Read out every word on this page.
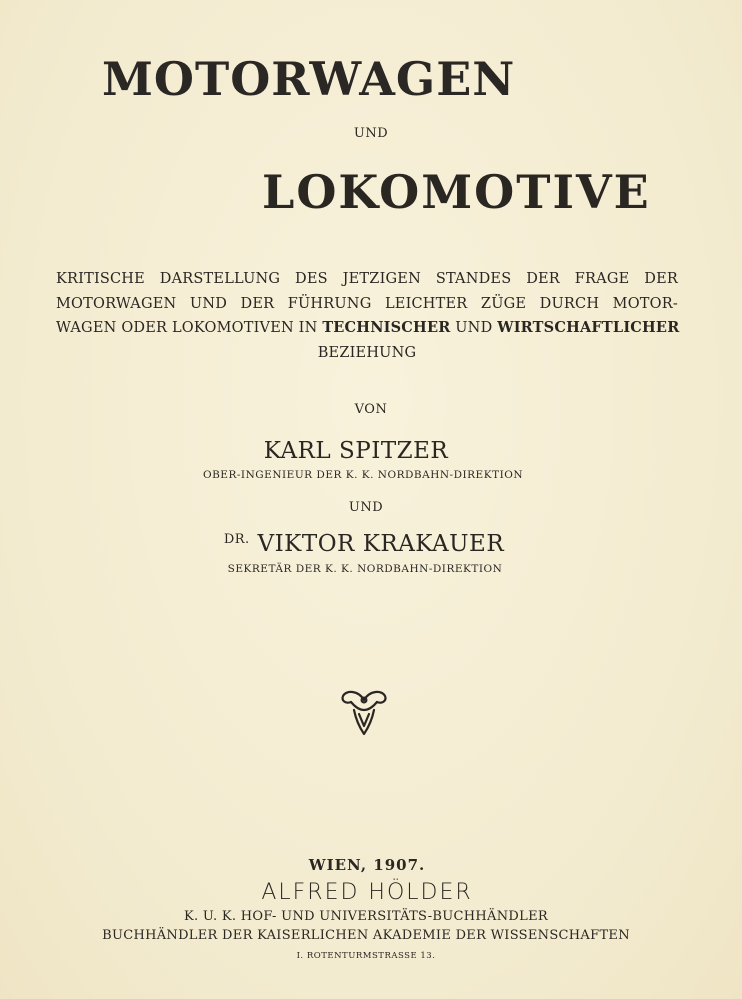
MOTORWAGEN
UND
LOKOMOTIVE
KRITISCHE DARSTELLUNG DES JETZIGEN STANDES DER FRAGE DER
MOTORWAGEN UND DER FÜHRUNG LEICHTER ZÜGE DURCH MOTOR-
WAGEN ODER LOKOMOTIVEN IN TECHNISCHER UND WIRTSCHAFTLICHER
BEZIEHUNG
VON
KARL SPITZER
OBER-INGENIEUR DER K. K. NORDBAHN-DIREKTION
UND
$^{DR.}$ VIKTOR KRAKAUER
SEKRETÄR DER K. K. NORDBAHN-DIREKTION
WIEN, 1907.
ALFRED HÖLDER
K. U. K. HOF- UND UNIVERSITÄTS-BUCHHÄNDLER
BUCHHÄNDLER DER KAISERLICHEN AKADEMIE DER WISSENSCHAFTEN
I. ROTENTURMSTRASSE 13.
